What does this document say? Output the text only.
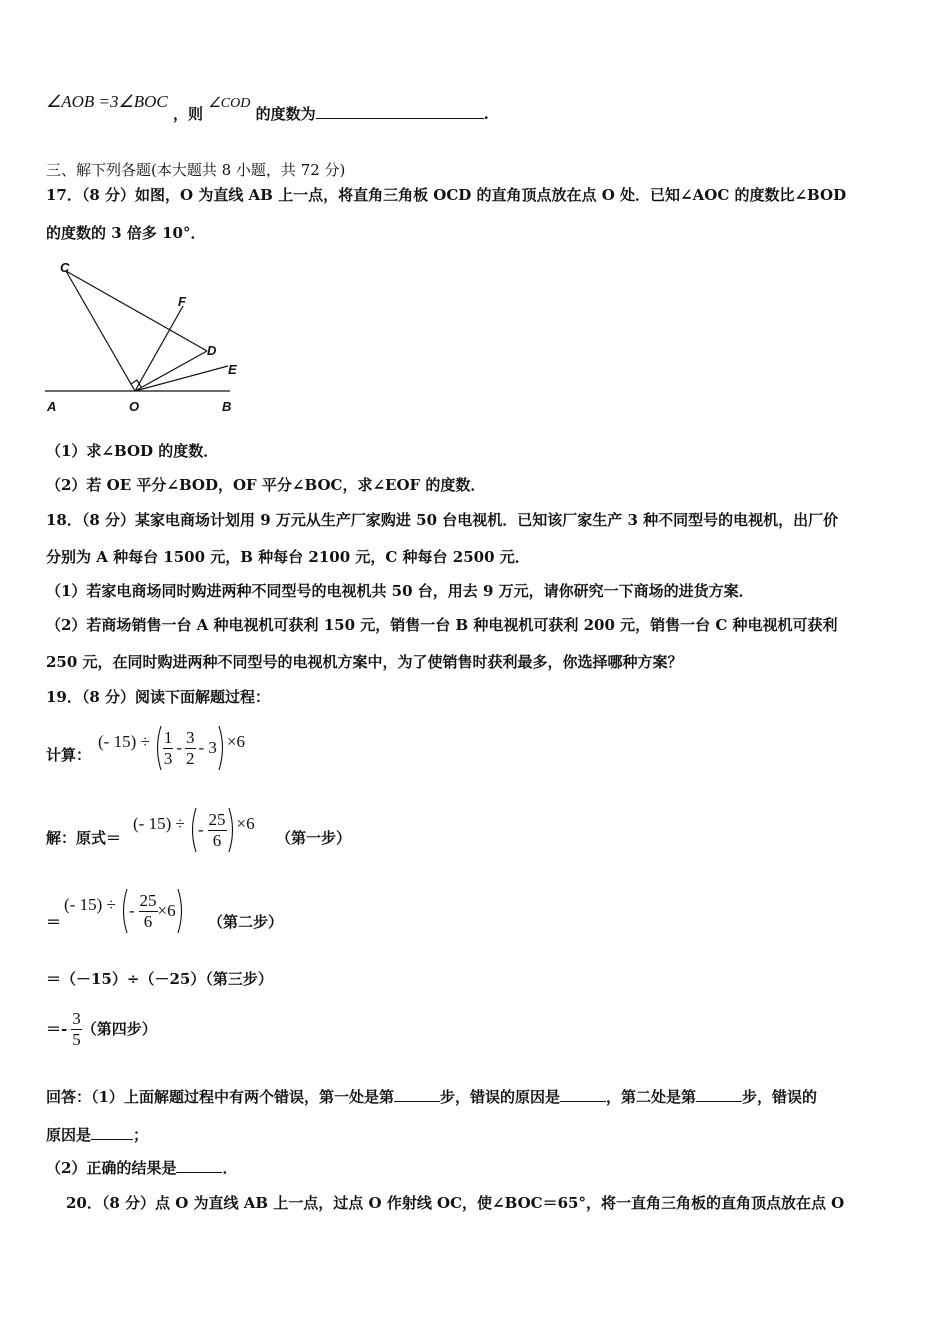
∠AOB =3∠BOC ，则 ∠COD 的度数为	.
三、解下列各题(本大题共 8 小题，共 72 分)
17．（8 分）如图，O 为直线 AB 上一点，将直角三角板 OCD 的直角顶点放在点 O 处．已知∠AOC 的度数比∠BOD
的度数的 3 倍多 10°．
C
F
D
E
A	O	B
（1）求∠BOD 的度数．
（2）若 OE 平分∠BOD，OF 平分∠BOC，求∠EOF 的度数．
18．（8 分）某家电商场计划用 9 万元从生产厂家购进 50 台电视机．已知该厂家生产 3 种不同型号的电视机，出厂价
分别为 A 种每台 1500 元，B 种每台 2100 元，C 种每台 2500 元．
（1）若家电商场同时购进两种不同型号的电视机共 50 台，用去 9 万元，请你研究一下商场的进货方案．
（2）若商场销售一台 A 种电视机可获利 150 元，销售一台 B 种电视机可获利 200 元，销售一台 C 种电视机可获利
250 元，在同时购进两种不同型号的电视机方案中，为了使销售时获利最多，你选择哪种方案？
19．（8 分）阅读下面解题过程：
计算：
(- $15) \div \frac{1}{3} - \frac{3}{2} - 3 \times 6$
解：原式＝
(- 15) ÷ - $\frac{25}{6} \times 6$
（第一步）
＝
(- 15) ÷ - $\frac{25}{6} \times 6$
（第二步）
＝（－15）÷（－25）（第三步）
＝- $\frac{3}{5}$ （第四步）
回答：（1）上面解题过程中有两个错误，第一处是第	步，错误的原因是	，第二处是第	步，错误的
原因是	；
（2）正确的结果是	．
20．（8 分）点 O 为直线 AB 上一点，过点 O 作射线 OC，使∠BOC＝65°，将一直角三角板的直角顶点放在点 O
